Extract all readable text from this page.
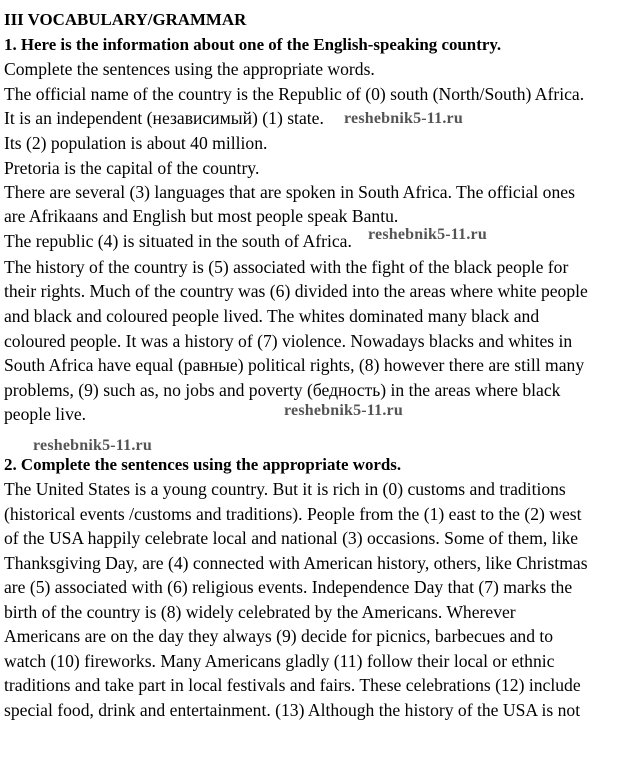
III VOCABULARY/GRAMMAR
1. Here is the information about one of the English-speaking country.
Complete the sentences using the appropriate words.
The official name of the country is the Republic of (0) south (North/South) Africa.
It is an independent (независимый) (1) state.
Its (2) population is about 40 million.
Pretoria is the capital of the country.
There are several (3) languages that are spoken in South Africa. The official ones
are Afrikaans and English but most people speak Bantu.
The republic (4) is situated in the south of Africa.
The history of the country is (5) associated with the fight of the black people for
their rights. Much of the country was (6) divided into the areas where white people
and black and coloured people lived. The whites dominated many black and
coloured people. It was a history of (7) violence. Nowadays blacks and whites in
South Africa have equal (равные) political rights, (8) however there are still many
problems, (9) such as, no jobs and poverty (бедность) in the areas where black
people live.
2. Complete the sentences using the appropriate words.
The United States is a young country. But it is rich in (0) customs and traditions
(historical events /customs and traditions). People from the (1) east to the (2) west
of the USA happily celebrate local and national (3) occasions. Some of them, like
Thanksgiving Day, are (4) connected with American history, others, like Christmas
are (5) associated with (6) religious events. Independence Day that (7) marks the
birth of the country is (8) widely celebrated by the Americans. Wherever
Americans are on the day they always (9) decide for picnics, barbecues and to
watch (10) fireworks. Many Americans gladly (11) follow their local or ethnic
traditions and take part in local festivals and fairs. These celebrations (12) include
special food, drink and entertainment. (13) Although the history of the USA is not
reshebnik5-11.ru
reshebnik5-11.ru
reshebnik5-11.ru
reshebnik5-11.ru
